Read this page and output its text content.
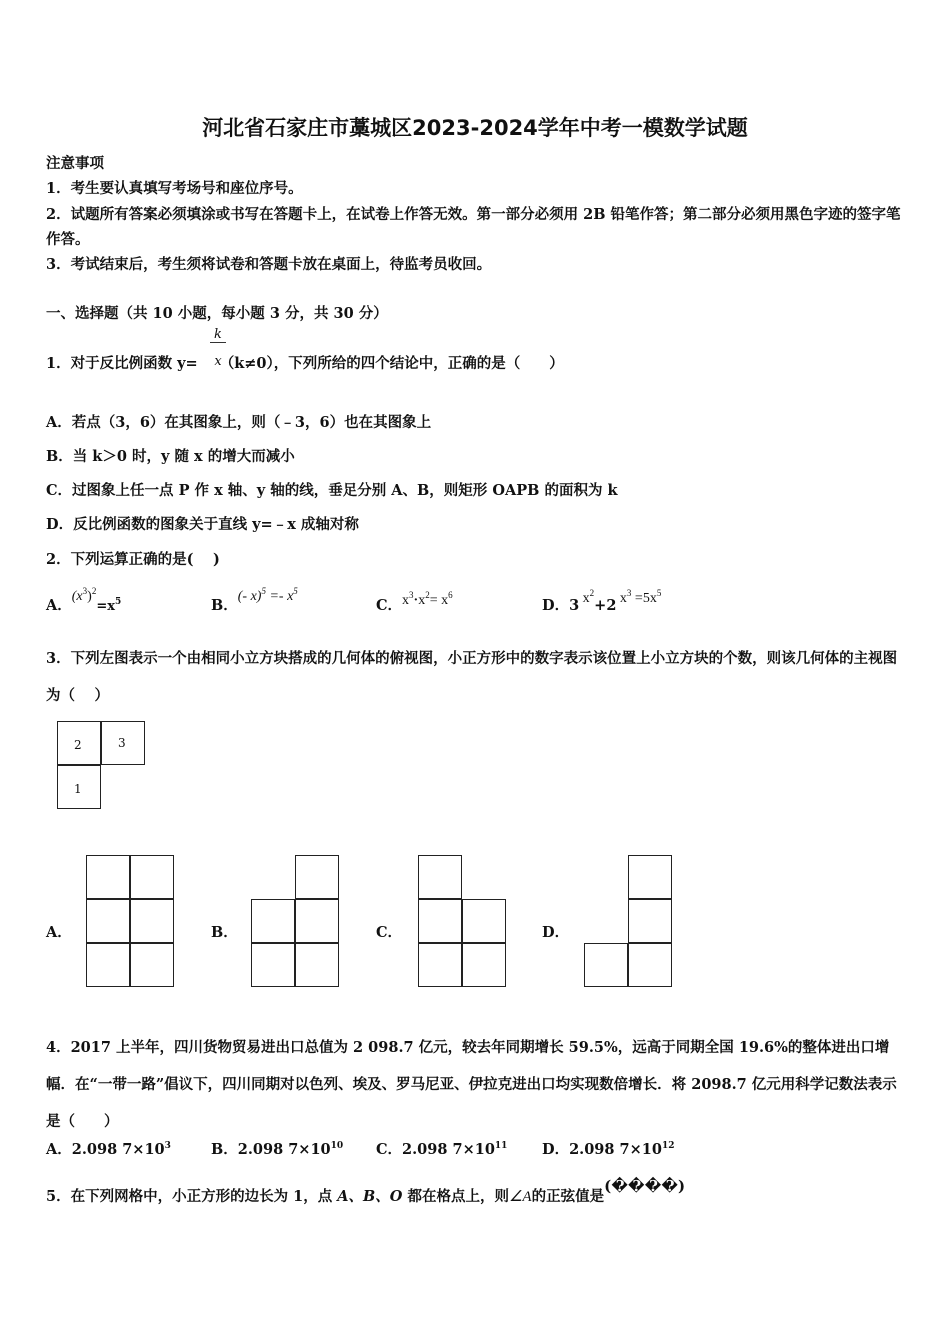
河北省石家庄市藁城区2023-2024学年中考一模数学试题
注意事项
1．考生要认真填写考场号和座位序号。
2．试题所有答案必须填涂或书写在答题卡上，在试卷上作答无效。第一部分必须用 2B 铅笔作答；第二部分必须用黑色字迹的签字笔作答。
3．考试结束后，考生须将试卷和答题卡放在桌面上，待监考员收回。
一、选择题（共 10 小题，每小题 3 分，共 30 分）
1．对于反比例函数 y= （k≠0），下列所给的四个结论中，正确的是（　　）
k
x
A．若点（3，6）在其图象上，则（﹣3，6）也在其图象上
B．当 k＞0 时，y 随 x 的增大而减小
C．过图象上任一点 P 作 x 轴、y 轴的线，垂足分别 A、B，则矩形 OAPB 的面积为 k
D．反比例函数的图象关于直线 y=﹣x 成轴对称
2．下列运算正确的是(　 )
A．$(x^3)^2_{=x^5}$	B．(- $x)^5 =- x^5$
C．$x^3\cdot x^2= x^6$
D．3 $x^2+2$ $x^3 =5x^5$
3．下列左图表示一个由相同小立方块搭成的几何体的俯视图，小正方形中的数字表示该位置上小立方块的个数，则该几何体的主视图为（　 ）
2	3
1
A．	B．	C．	D．
4．2017 上半年，四川货物贸易进出口总值为 2 098.7 亿元，较去年同期增长 59.5%，远高于同期全国 19.6%的整体进出口增幅．在“一带一路”倡议下，四川同期对以色列、埃及、罗马尼亚、伊拉克进出口均实现数倍增长．将 2098.7 亿元用科学记数法表示是（　　）
A．2.098 $7\times 10^3$	B．2.098 $7\times 10^{10}$ C．2.098 $7\times 10^{11}$ D．2.098 $7\times 10^{12}$
5．在下列网格中，小正方形的边长为 1，点 A、B、O 都在格点上，则∠A的正弦值是(����)
